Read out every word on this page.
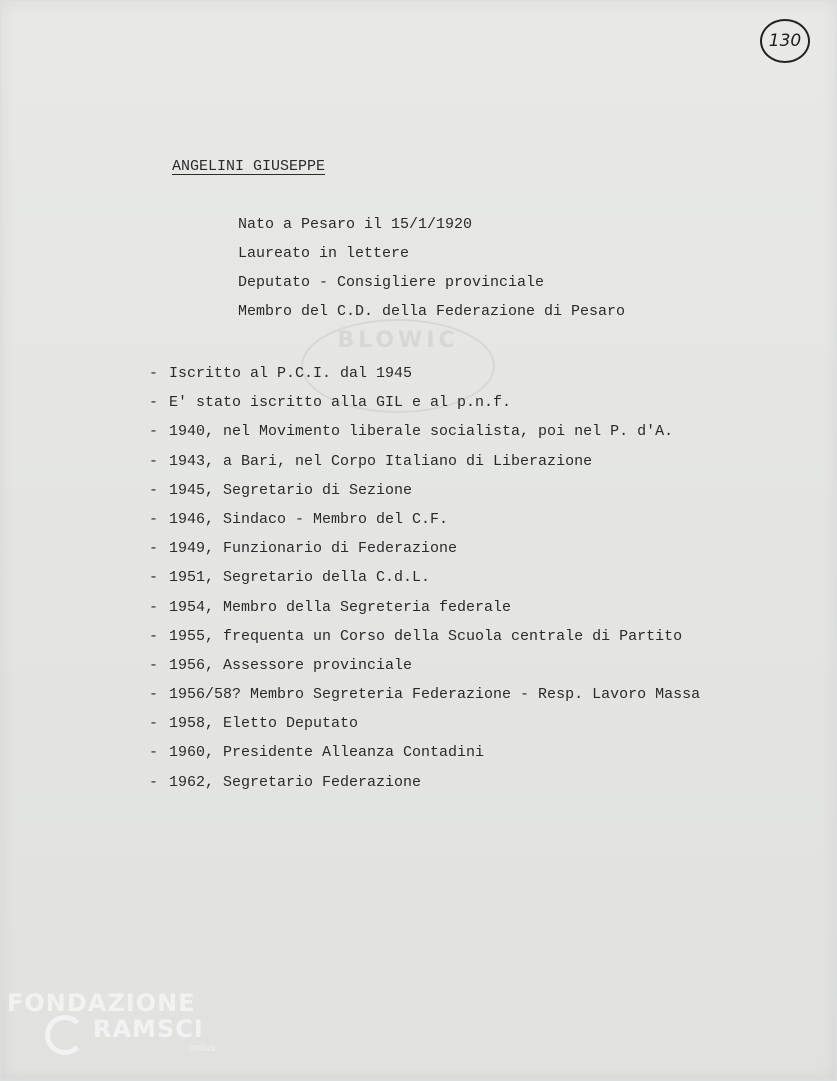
130
BLOWIC
ANGELINI GIUSEPPE
Nato a Pesaro il 15/1/1920
Laureato in lettere
Deputato - Consigliere provinciale
Membro del C.D. della Federazione di Pesaro
- Iscritto al P.C.I. dal 1945
- E' stato iscritto alla GIL e al p.n.f.
- 1940, nel Movimento liberale socialista, poi nel P. d'A.
- 1943, a Bari, nel Corpo Italiano di Liberazione
- 1945, Segretario di Sezione
- 1946, Sindaco - Membro del C.F.
- 1949, Funzionario di Federazione
- 1951, Segretario della C.d.L.
- 1954, Membro della Segreteria federale
- 1955, frequenta un Corso della Scuola centrale di Partito
- 1956, Assessore provinciale
- 1956/58? Membro Segreteria Federazione - Resp. Lavoro Massa
- 1958, Eletto Deputato
- 1960, Presidente Alleanza Contadini
- 1962, Segretario Federazione
FONDAZIONE
RAMSCI
onlus
